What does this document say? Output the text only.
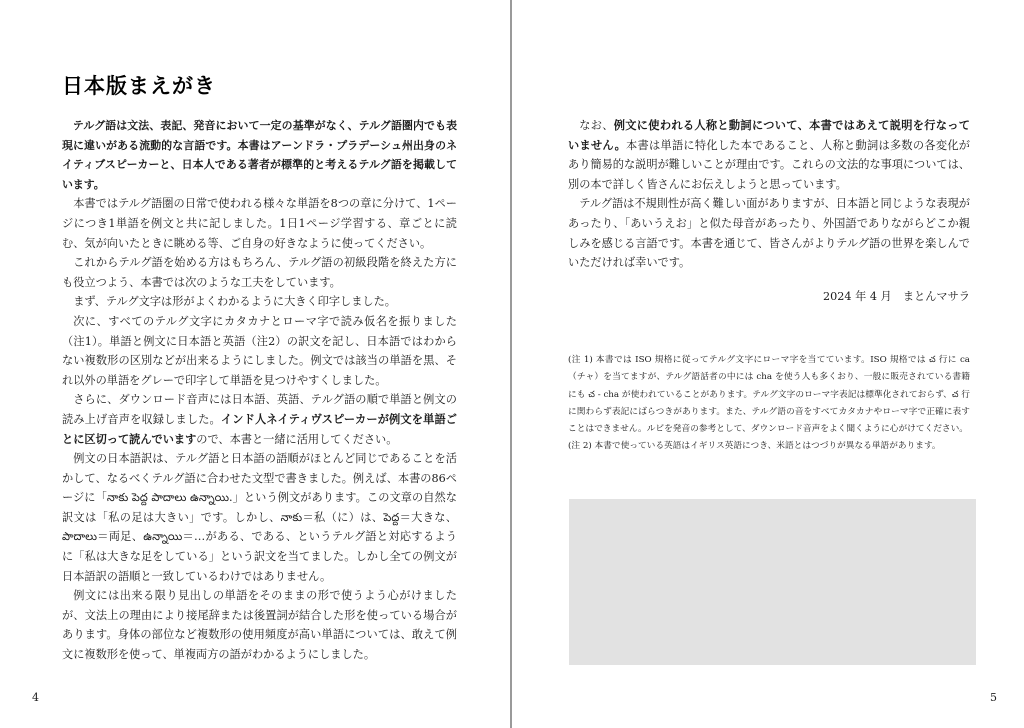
日本版まえがき

テルグ語は文法、表記、発音において一定の基準がなく、テルグ語圏内でも表現に違いがある流動的な言語です。本書はアーンドラ・プラデーシュ州出身のネイティブスピーカーと、日本人である著者が標準的と考えるテルグ語を掲載しています。

本書ではテルグ語圏の日常で使われる様々な単語を8つの章に分けて、1ページにつき1単語を例文と共に記しました。1日1ページ学習する、章ごとに読む、気が向いたときに眺める等、ご自身の好きなように使ってください。

これからテルグ語を始める方はもちろん、テルグ語の初級段階を終えた方にも役立つよう、本書では次のような工夫をしています。

まず、テルグ文字は形がよくわかるように大きく印字しました。

次に、すべてのテルグ文字にカタカナとローマ字で読み仮名を振りました（注1）。単語と例文に日本語と英語（注2）の訳文を記し、日本語ではわからない複数形の区別などが出来るようにしました。例文では該当の単語を黒、それ以外の単語をグレーで印字して単語を見つけやすくしました。

さらに、ダウンロード音声には日本語、英語、テルグ語の順で単語と例文の読み上げ音声を収録しました。インド人ネイティヴスピーカーが例文を単語ごとに区切って読んでいますので、本書と一緒に活用してください。

例文の日本語訳は、テルグ語と日本語の語順がほとんど同じであることを活かして、なるべくテルグ語に合わせた文型で書きました。例えば、本書の86ページに「నాకు పెద్ద పాదాలు ఉన్నాయి.」という例文があります。この文章の自然な訳文は「私の足は大きい」です。しかし、నాకు＝私（に）は、పెద్ద＝大きな、పాదాలు＝両足、ఉన్నాయి＝…がある、である、というテルグ語と対応するように「私は大きな足をしている」という訳文を当てました。しかし全ての例文が日本語訳の語順と一致しているわけではありません。

例文には出来る限り見出しの単語をそのままの形で使うよう心がけましたが、文法上の理由により接尾辞または後置詞が結合した形を使っている場合があります。身体の部位など複数形の使用頻度が高い単語については、敢えて例文に複数形を使って、単複両方の語がわかるようにしました。

4

なお、例文に使われる人称と動詞について、本書ではあえて説明を行なっていません。本書は単語に特化した本であること、人称と動詞は多数の各変化があり簡易的な説明が難しいことが理由です。これらの文法的な事項については、別の本で詳しく皆さんにお伝えしようと思っています。

テルグ語は不規則性が高く難しい面がありますが、日本語と同じような表現があったり、「あいうえお」と似た母音があったり、外国語でありながらどこか親しみを感じる言語です。本書を通じて、皆さんがよりテルグ語の世界を楽しんでいただければ幸いです。

2024 年 4 月　まとんマサラ

(注 1) 本書では ISO 規格に従ってテルグ文字にローマ字を当てています。ISO 規格では చ 行に ca（チャ）を当てますが、テルグ語話者の中には cha を使う人も多くおり、一般に販売されている書籍にも చ - cha が使われていることがあります。テルグ文字のローマ字表記は標準化されておらず、చ 行に関わらず表記にばらつきがあります。また、テルグ語の音をすべてカタカナやローマ字で正確に表すことはできません。ルビを発音の参考として、ダウンロード音声をよく聞くように心がけてください。

(注 2) 本書で使っている英語はイギリス英語につき、米語とはつづりが異なる単語があります。

5
